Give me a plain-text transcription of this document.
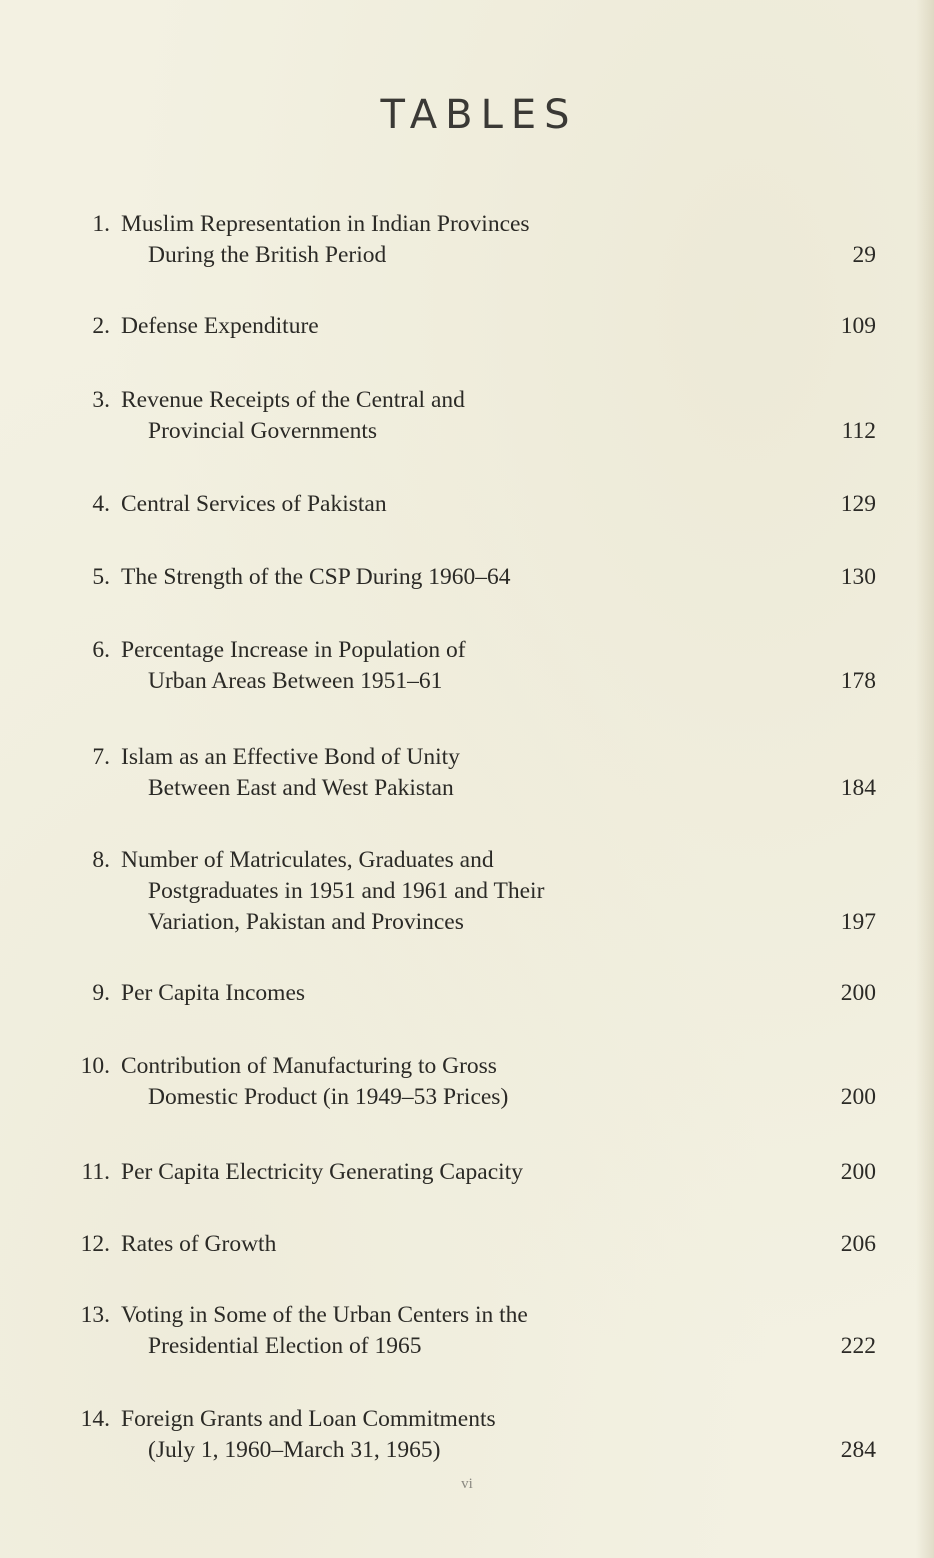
TABLES
1. Muslim Representation in Indian Provinces
During the British Period	29
2. Defense Expenditure	109
3. Revenue Receipts of the Central and
Provincial Governments	112
4. Central Services of Pakistan	129
5. The Strength of the CSP During 1960–64	130
6. Percentage Increase in Population of
Urban Areas Between 1951–61	178
7. Islam as an Effective Bond of Unity
Between East and West Pakistan	184
8. Number of Matriculates, Graduates and
Postgraduates in 1951 and 1961 and Their
Variation, Pakistan and Provinces	197
9. Per Capita Incomes	200
10. Contribution of Manufacturing to Gross
Domestic Product (in 1949–53 Prices)	200
11. Per Capita Electricity Generating Capacity	200
12. Rates of Growth	206
13. Voting in Some of the Urban Centers in the
Presidential Election of 1965	222
14. Foreign Grants and Loan Commitments
(July 1, 1960–March 31, 1965)	284
vi
